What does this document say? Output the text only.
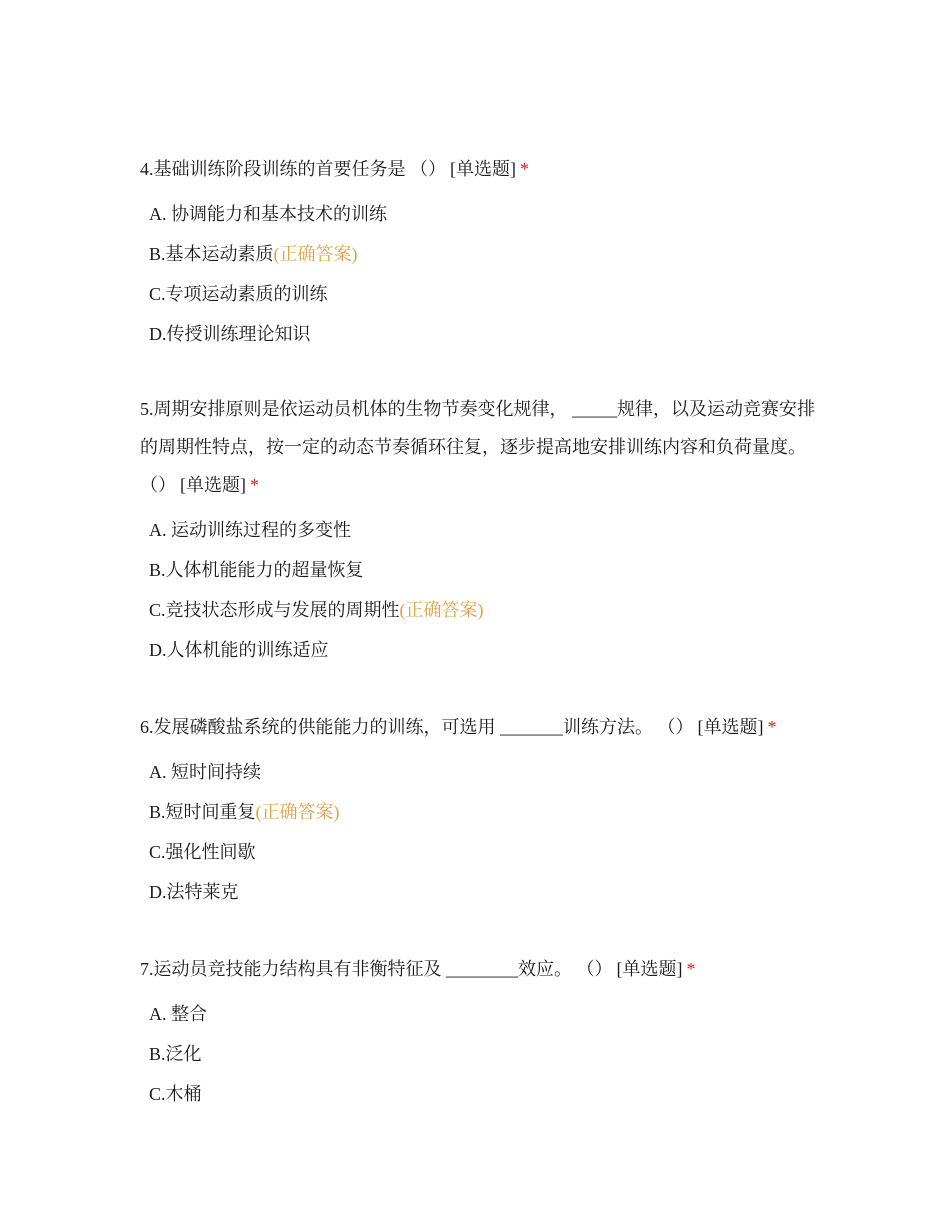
4.基础训练阶段训练的首要任务是 （） [单选题] *

A. 协调能力和基本技术的训练
B.基本运动素质(正确答案)
C.专项运动素质的训练
D.传授训练理论知识

5.周期安排原则是依运动员机体的生物节奏变化规律， _____规律，以及运动竞赛安排的周期性特点，按一定的动态节奏循环往复，逐步提高地安排训练内容和负荷量度。 （） [单选题] *

A. 运动训练过程的多变性
B.人体机能能力的超量恢复
C.竞技状态形成与发展的周期性(正确答案)
D.人体机能的训练适应

6.发展磷酸盐系统的供能能力的训练，可选用 _______训练方法。 （） [单选题] *

A. 短时间持续
B.短时间重复(正确答案)
C.强化性间歇
D.法特莱克

7.运动员竞技能力结构具有非衡特征及 ________效应。 （） [单选题] *

A. 整合
B.泛化
C.木桶
